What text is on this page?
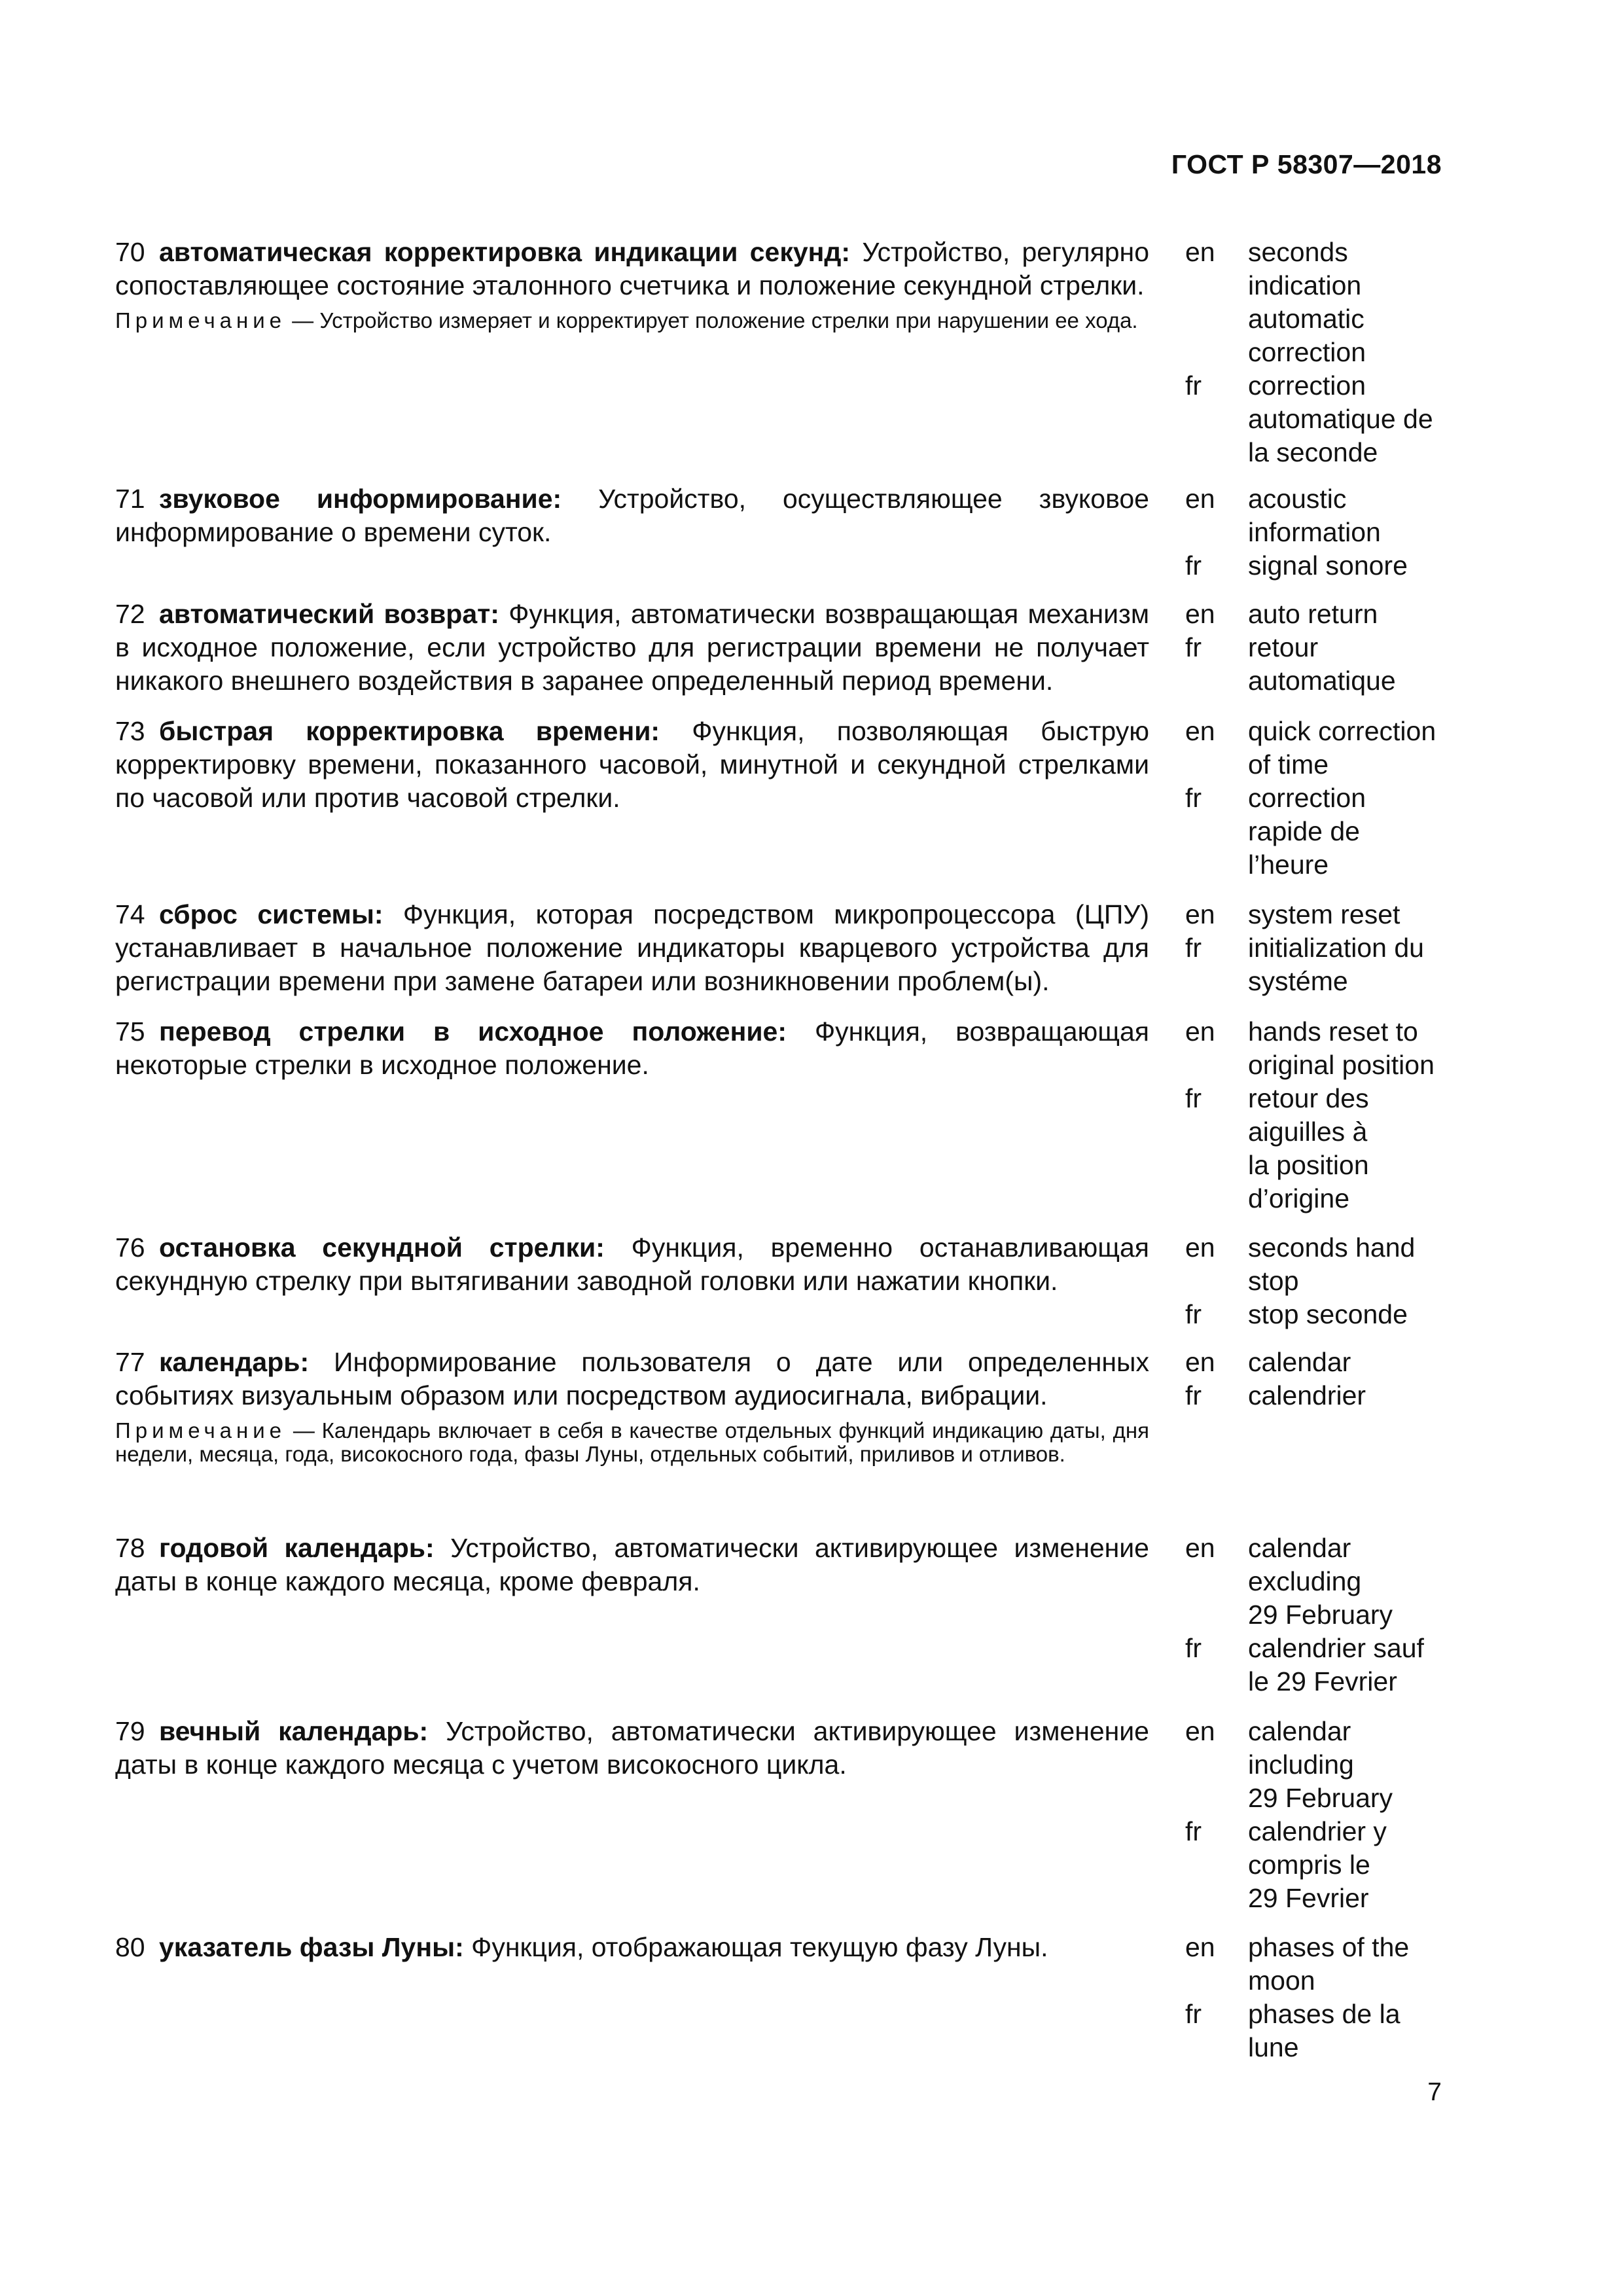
ГОСТ Р 58307—2018
70 автоматическая корректировка индикации секунд: Устройство, регулярно сопоставляющее состояние эталонного счетчика и положение секундной стрелки.
Примечание — Устройство измеряет и корректирует положение стрелки при нарушении ее хода.
en seconds
indication
automatic
correction
fr correction
automatique de
la seconde
71 звуковое информирование: Устройство, осуществляющее звуковое информирование о времени суток.
en acoustic
information
fr signal sonore
72 автоматический возврат: Функция, автоматически возвращающая механизм в исходное положение, если устройство для регистрации времени не получает никакого внешнего воздействия в заранее определенный период времени.
en auto return
fr retour
automatique
73 быстрая корректировка времени: Функция, позволяющая быструю корректировку времени, показанного часовой, минутной и секундной стрелками по часовой или против часовой стрелки.
en quick correction
of time
fr correction
rapide de
l’heure
74 сброс системы: Функция, которая посредством микропроцессора (ЦПУ) устанавливает в начальное положение индикаторы кварцевого устройства для регистрации времени при замене батареи или возникновении проблем(ы).
en system reset
fr initialization du
systéme
75 перевод стрелки в исходное положение: Функция, возвращающая некоторые стрелки в исходное положение.
en hands reset to
original position
fr retour des
aiguilles à
la position
d’origine
76 остановка секундной стрелки: Функция, временно останавливающая секундную стрелку при вытягивании заводной головки или нажатии кнопки.
en seconds hand
stop
fr stop seconde
77 календарь: Информирование пользователя о дате или определенных событиях визуальным образом или посредством аудиосигнала, вибрации.
Примечание — Календарь включает в себя в качестве отдельных функций индикацию даты, дня недели, месяца, года, високосного года, фазы Луны, отдельных событий, приливов и отливов.
en calendar
fr calendrier
78 годовой календарь: Устройство, автоматически активирующее изменение даты в конце каждого месяца, кроме февраля.
en calendar
excluding
29 February
fr calendrier sauf
le 29 Fevrier
79 вечный календарь: Устройство, автоматически активирующее изменение даты в конце каждого месяца с учетом високосного цикла.
en calendar
including
29 February
fr calendrier y
compris le
29 Fevrier
80 указатель фазы Луны: Функция, отображающая текущую фазу Луны.	en phases of the
moon
fr phases de la
lune
7
